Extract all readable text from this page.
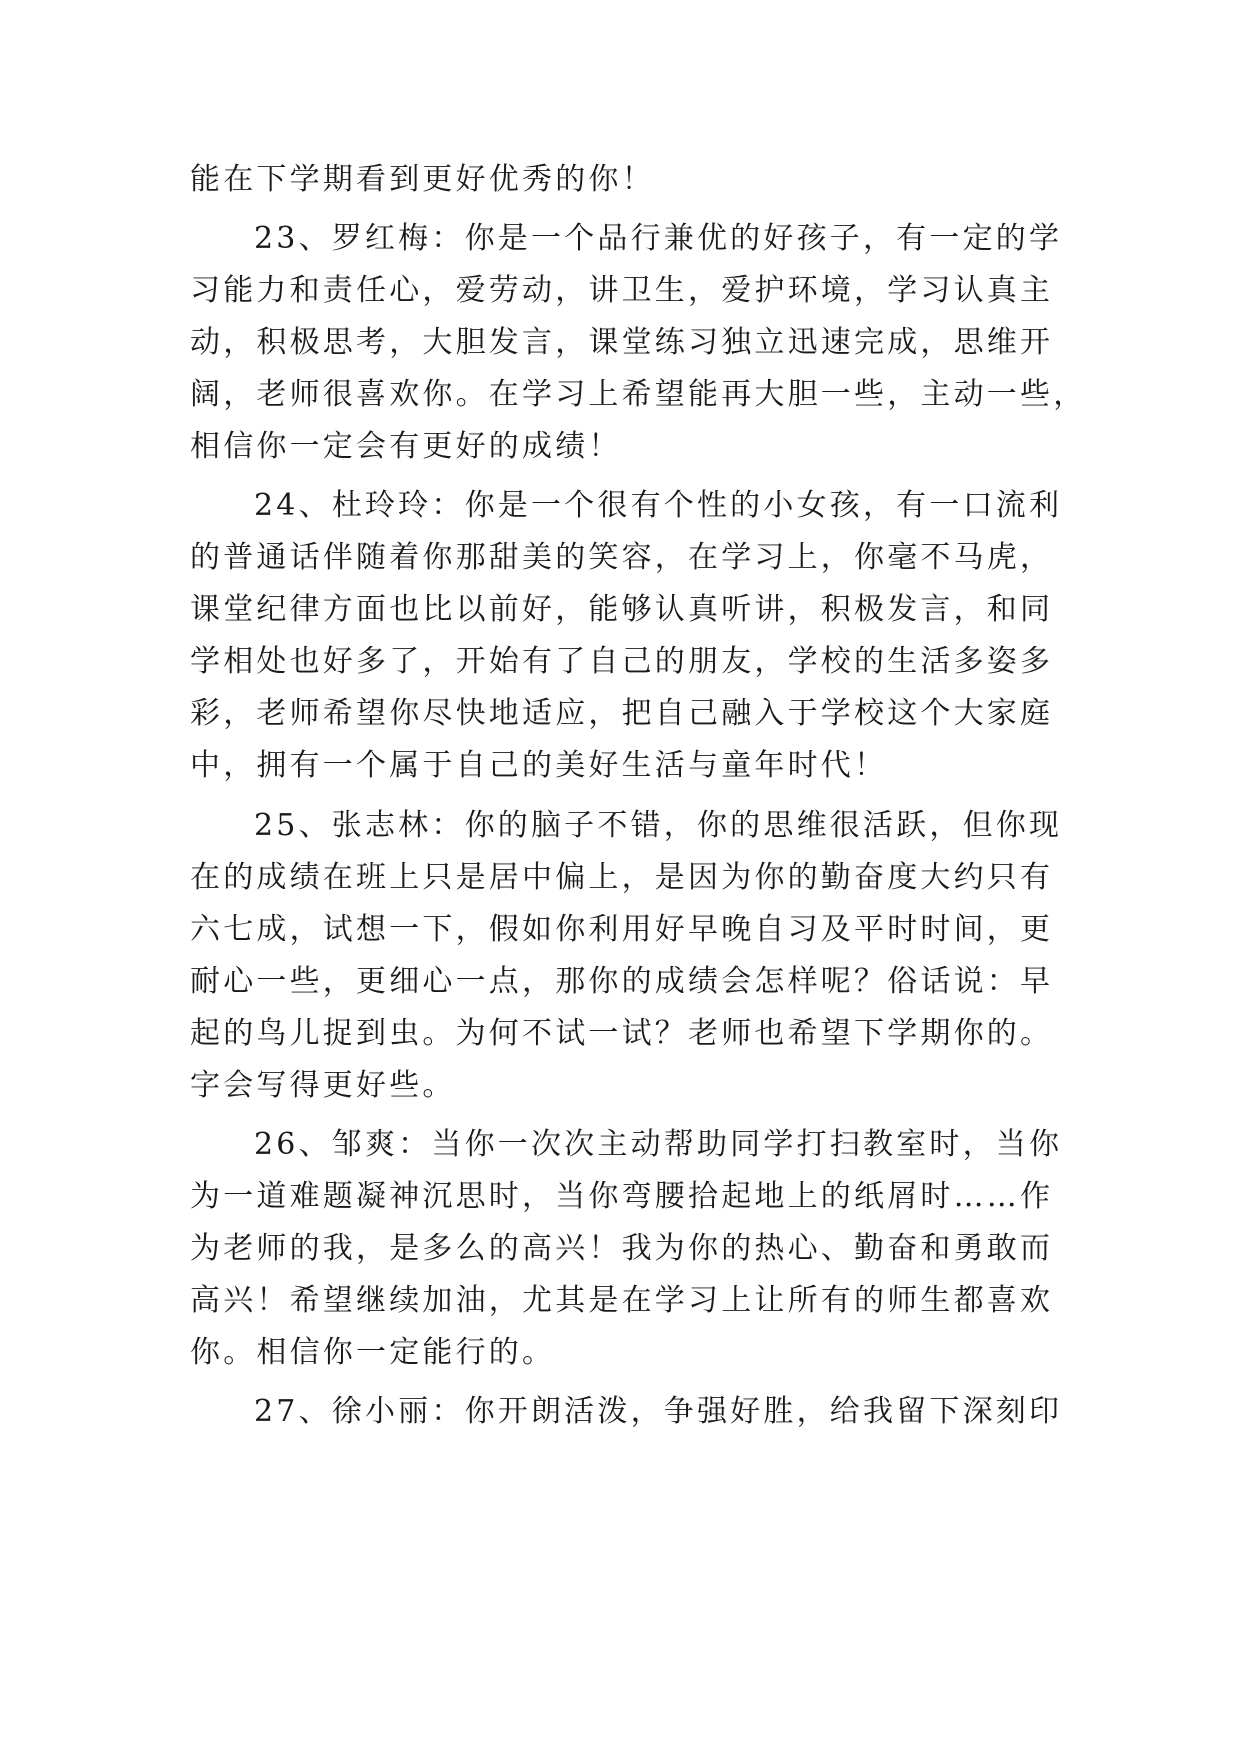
能在下学期看到更好优秀的你！
23、罗红梅：你是一个品行兼优的好孩子，有一定的学
习能力和责任心，爱劳动，讲卫生，爱护环境，学习认真主
动，积极思考，大胆发言，课堂练习独立迅速完成，思维开
阔，老师很喜欢你。在学习上希望能再大胆一些，主动一些，
相信你一定会有更好的成绩！
24、杜玲玲：你是一个很有个性的小女孩，有一口流利
的普通话伴随着你那甜美的笑容，在学习上，你毫不马虎，
课堂纪律方面也比以前好，能够认真听讲，积极发言，和同
学相处也好多了，开始有了自己的朋友，学校的生活多姿多
彩，老师希望你尽快地适应，把自己融入于学校这个大家庭
中，拥有一个属于自己的美好生活与童年时代！
25、张志林：你的脑子不错，你的思维很活跃，但你现
在的成绩在班上只是居中偏上，是因为你的勤奋度大约只有
六七成，试想一下，假如你利用好早晚自习及平时时间，更
耐心一些，更细心一点，那你的成绩会怎样呢？俗话说：早
起的鸟儿捉到虫。为何不试一试？老师也希望下学期你的。
字会写得更好些。
26、邹爽：当你一次次主动帮助同学打扫教室时，当你
为一道难题凝神沉思时，当你弯腰拾起地上的纸屑时……作
为老师的我，是多么的高兴！我为你的热心、勤奋和勇敢而
高兴！希望继续加油，尤其是在学习上让所有的师生都喜欢
你。相信你一定能行的。
27、徐小丽：你开朗活泼，争强好胜，给我留下深刻印
